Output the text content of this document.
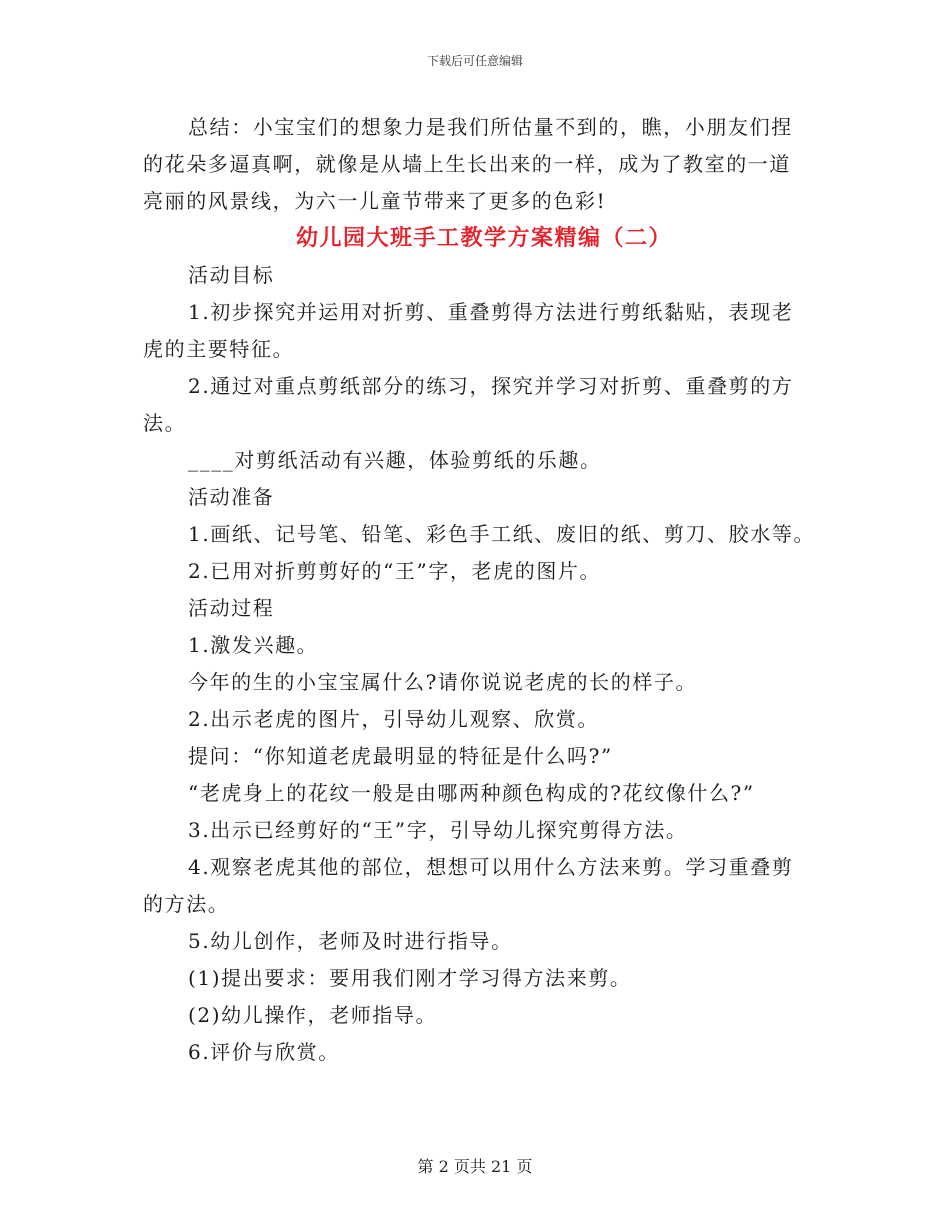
下载后可任意编辑

总结：小宝宝们的想象力是我们所估量不到的，瞧，小朋友们捏

的花朵多逼真啊，就像是从墙上生长出来的一样，成为了教室的一道

亮丽的风景线，为六一儿童节带来了更多的色彩!

幼儿园大班手工教学方案精编（二）

活动目标

1.初步探究并运用对折剪、重叠剪得方法进行剪纸黏贴，表现老

虎的主要特征。

2.通过对重点剪纸部分的练习，探究并学习对折剪、重叠剪的方

法。

____对剪纸活动有兴趣，体验剪纸的乐趣。

活动准备

1.画纸、记号笔、铅笔、彩色手工纸、废旧的纸、剪刀、胶水等。

2.已用对折剪剪好的“王”字，老虎的图片。

活动过程

1.激发兴趣。

今年的生的小宝宝属什么?请你说说老虎的长的样子。

2.出示老虎的图片，引导幼儿观察、欣赏。

提问：“你知道老虎最明显的特征是什么吗?”

“老虎身上的花纹一般是由哪两种颜色构成的?花纹像什么?”

3.出示已经剪好的“王”字，引导幼儿探究剪得方法。

4.观察老虎其他的部位，想想可以用什么方法来剪。学习重叠剪

的方法。

5.幼儿创作，老师及时进行指导。

(1)提出要求：要用我们刚才学习得方法来剪。

(2)幼儿操作，老师指导。

6.评价与欣赏。

第 2 页共 21 页
